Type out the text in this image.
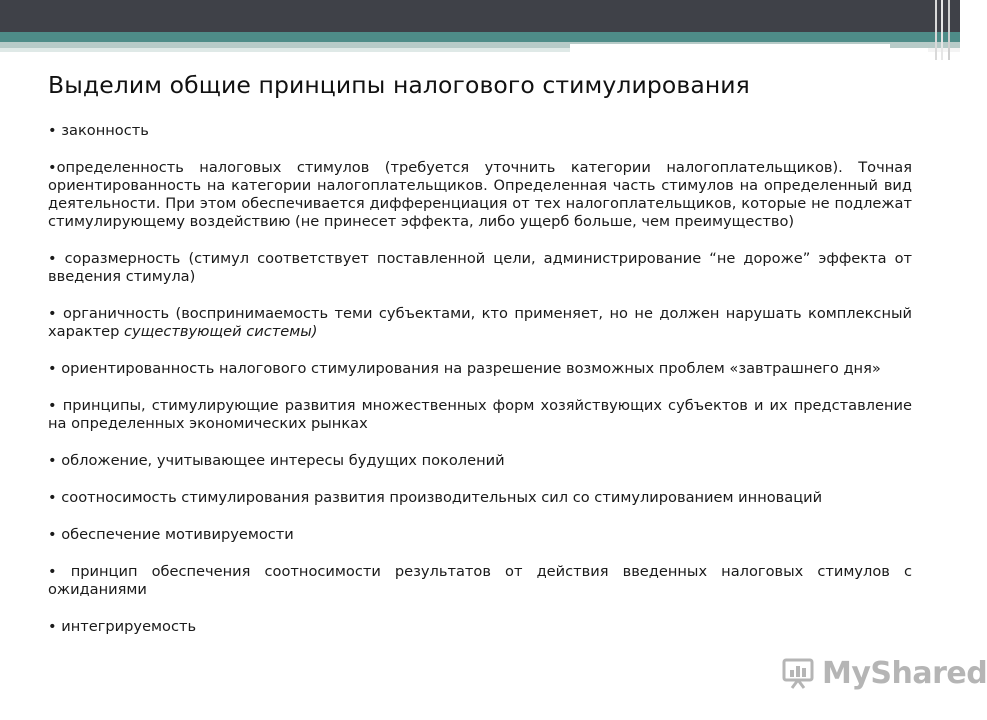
Выделим общие принципы налогового стимулирования

• законность

•определенность налоговых стимулов (требуется уточнить категории налогоплательщиков). Точная ориентированность на категории налогоплательщиков. Определенная часть стимулов на определенный вид деятельности. При этом обеспечивается дифференциация от тех налогоплательщиков, которые не подлежат стимулирующему воздействию (не принесет эффекта, либо ущерб больше, чем преимущество)

• соразмерность (стимул соответствует поставленной цели, администрирование “не дороже” эффекта от введения стимула)

• органичность (воспринимаемость теми субъектами, кто применяет, но не должен нарушать комплексный характер существующей системы)

• ориентированность налогового стимулирования на разрешение возможных проблем «завтрашнего дня»

• принципы, стимулирующие развития множественных форм хозяйствующих субъектов и их представление на определенных экономических рынках

• обложение, учитывающее интересы будущих поколений

• соотносимость стимулирования развития производительных сил со стимулированием инноваций

• обеспечение мотивируемости

• принцип обеспечения соотносимости результатов от действия введенных налоговых стимулов с ожиданиями

• интегрируемость

MyShared
